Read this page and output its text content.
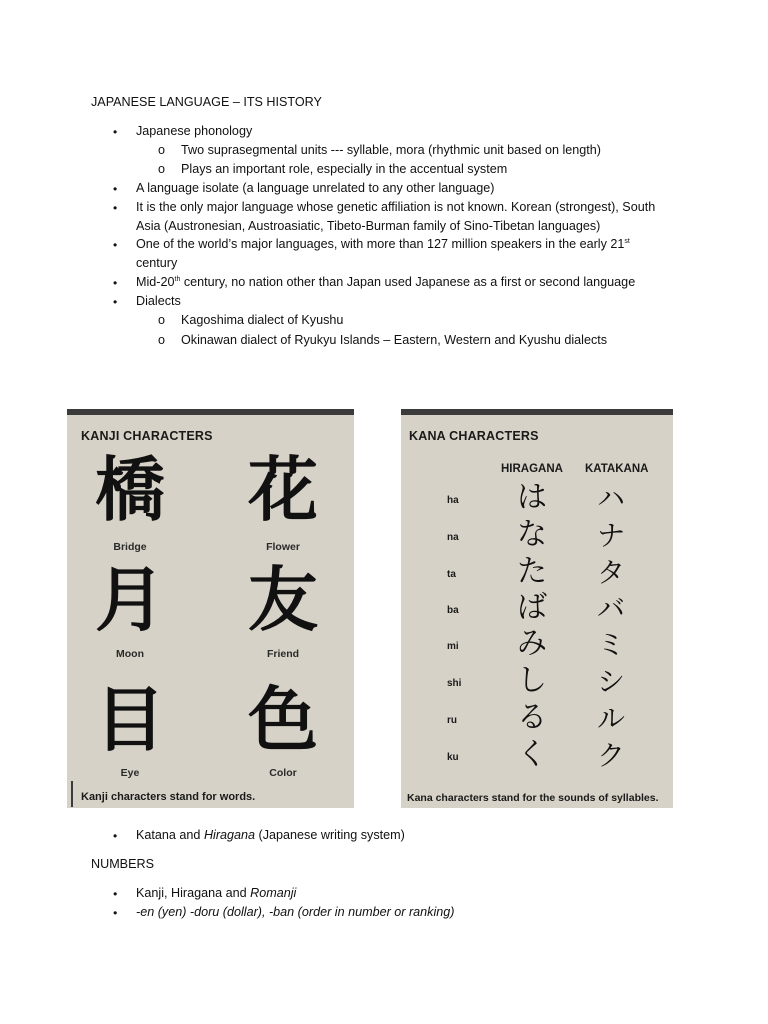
JAPANESE LANGUAGE – ITS HISTORY
• Japanese phonology
o Two suprasegmental units --- syllable, mora (rhythmic unit based on length)
o Plays an important role, especially in the accentual system
• A language isolate (a language unrelated to any other language)
• It is the only major language whose genetic affiliation is not known. Korean (strongest), South
Asia (Austronesian, Austroasiatic, Tibeto-Burman family of Sino-Tibetan languages)
• One of the world’s major languages, with more than 127 million speakers in the early 21st
century
• Mid-20th century, no nation other than Japan used Japanese as a first or second language
• Dialects
o Kagoshima dialect of Kyushu
o Okinawan dialect of Ryukyu Islands – Eastern, Western and Kyushu dialects
KANJI CHARACTERS
橋
Bridge
花
Flower
月
Moon
友
Friend
目
Eye
色
Color
Kanji characters stand for words.
KANA CHARACTERS
HIRAGANA KATAKANA
ha は ハ
na な ナ
ta た タ
ba ば バ
mi み ミ
shi し シ
ru る ル
ku く ク
Kana characters stand for the sounds of syllables.
• Katana and Hiragana (Japanese writing system)
NUMBERS
• Kanji, Hiragana and Romanji
• -en (yen) -doru (dollar), -ban (order in number or ranking)
